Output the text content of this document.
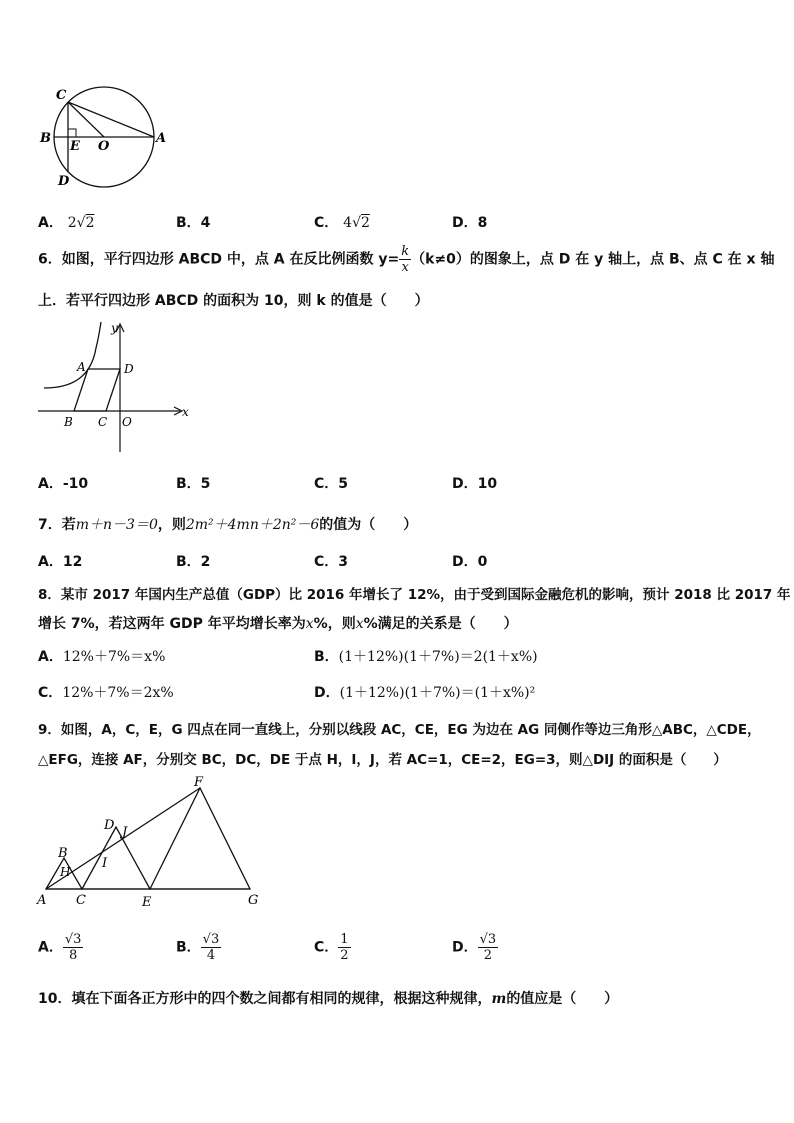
C
B
E O
A
D
A． 2√2	B．4	C． 4√2	D．8
6．如图，平行四边形 ABCD 中，点 A 在反比例函数 $y= \frac{k}{x} (k\ne 0)$的图象上，点 D 在 y 轴上，点 B、点 C 在 x 轴
上．若平行四边形 ABCD 的面积为 10，则 k 的值是（　　）
y
A	D
x
B C O
A．-10	B．5	C．5	D．10
7．若m＋n－3＝0，则2m²＋4mn＋2n²－6的值为（　　）
A．12	B．2	C．3	D．0
8．某市 2017 年国内生产总值（GDP）比 2016 年增长了 12%，由于受到国际金融危机的影响，预计 2018 比 2017 年
增长 7%，若这两年 GDP 年平均增长率为x%，则x%满足的关系是（　　）
A．12%＋7%＝x%	B．(1＋12%)(1＋7%)＝2(1＋x%)
C．12%＋7%＝2x%	D．(1＋12%)(1＋7%)＝(1＋x%)²
9．如图，A，C，E，G 四点在同一直线上，分别以线段 AC，CE，EG 为边在 AG 同侧作等边三角形△ABC，△CDE，
△EFG，连接 AF，分别交 BC，DC，DE 于点 H，I，J，若 AC=1，CE=2，EG=3，则△DIJ 的面积是（　　）
F
D J
B
H
I
A C	E	G
A． $\frac{√3}{8}$	B． $\frac{√3}{4}$	C． $\frac{1}{2}$	D． $\frac{√3}{2}$
10．填在下面各正方形中的四个数之间都有相同的规律，根据这种规律，m的值应是（　　）
